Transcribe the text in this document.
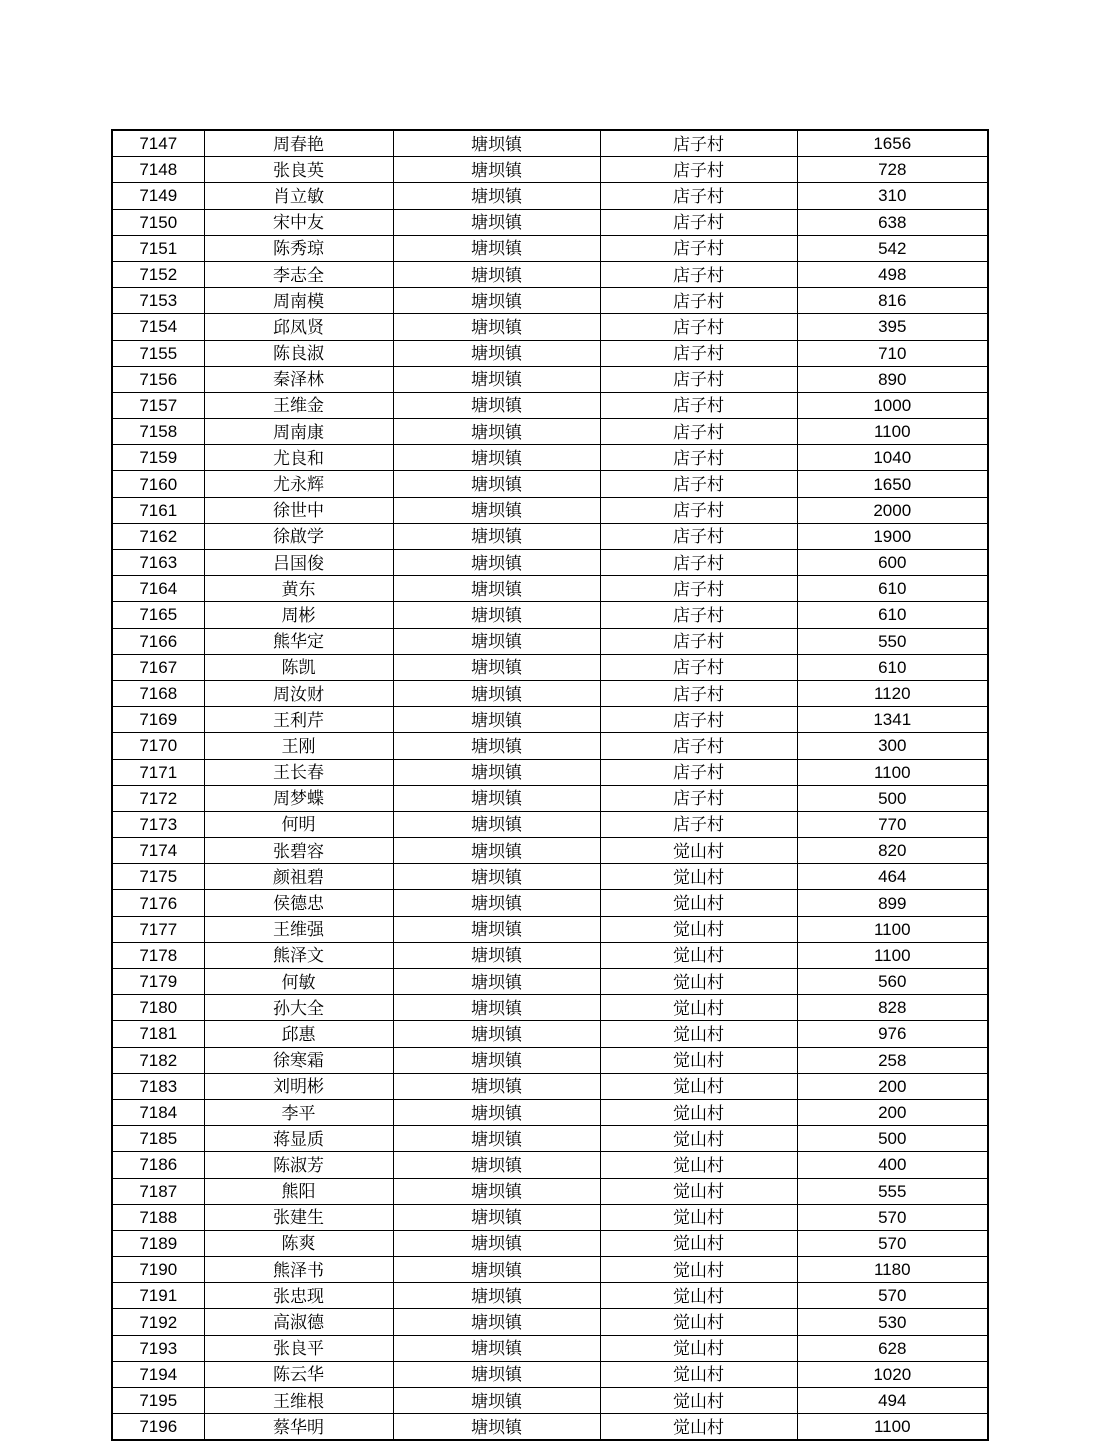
7147	周春艳	塘坝镇	店子村	1656
7148	张良英	塘坝镇	店子村	728
7149	肖立敏	塘坝镇	店子村	310
7150	宋中友	塘坝镇	店子村	638
7151	陈秀琼	塘坝镇	店子村	542
7152	李志全	塘坝镇	店子村	498
7153	周南模	塘坝镇	店子村	816
7154	邱凤贤	塘坝镇	店子村	395
7155	陈良淑	塘坝镇	店子村	710
7156	秦泽林	塘坝镇	店子村	890
7157	王维金	塘坝镇	店子村	1000
7158	周南康	塘坝镇	店子村	1100
7159	尤良和	塘坝镇	店子村	1040
7160	尤永辉	塘坝镇	店子村	1650
7161	徐世中	塘坝镇	店子村	2000
7162	徐啟学	塘坝镇	店子村	1900
7163	吕国俊	塘坝镇	店子村	600
7164	黄东	塘坝镇	店子村	610
7165	周彬	塘坝镇	店子村	610
7166	熊华定	塘坝镇	店子村	550
7167	陈凯	塘坝镇	店子村	610
7168	周汝财	塘坝镇	店子村	1120
7169	王利芹	塘坝镇	店子村	1341
7170	王刚	塘坝镇	店子村	300
7171	王长春	塘坝镇	店子村	1100
7172	周梦蝶	塘坝镇	店子村	500
7173	何明	塘坝镇	店子村	770
7174	张碧容	塘坝镇	觉山村	820
7175	颜祖碧	塘坝镇	觉山村	464
7176	侯德忠	塘坝镇	觉山村	899
7177	王维强	塘坝镇	觉山村	1100
7178	熊泽文	塘坝镇	觉山村	1100
7179	何敏	塘坝镇	觉山村	560
7180	孙大全	塘坝镇	觉山村	828
7181	邱惠	塘坝镇	觉山村	976
7182	徐寒霜	塘坝镇	觉山村	258
7183	刘明彬	塘坝镇	觉山村	200
7184	李平	塘坝镇	觉山村	200
7185	蒋显质	塘坝镇	觉山村	500
7186	陈淑芳	塘坝镇	觉山村	400
7187	熊阳	塘坝镇	觉山村	555
7188	张建生	塘坝镇	觉山村	570
7189	陈爽	塘坝镇	觉山村	570
7190	熊泽书	塘坝镇	觉山村	1180
7191	张忠现	塘坝镇	觉山村	570
7192	高淑德	塘坝镇	觉山村	530
7193	张良平	塘坝镇	觉山村	628
7194	陈云华	塘坝镇	觉山村	1020
7195	王维根	塘坝镇	觉山村	494
7196	蔡华明	塘坝镇	觉山村	1100
